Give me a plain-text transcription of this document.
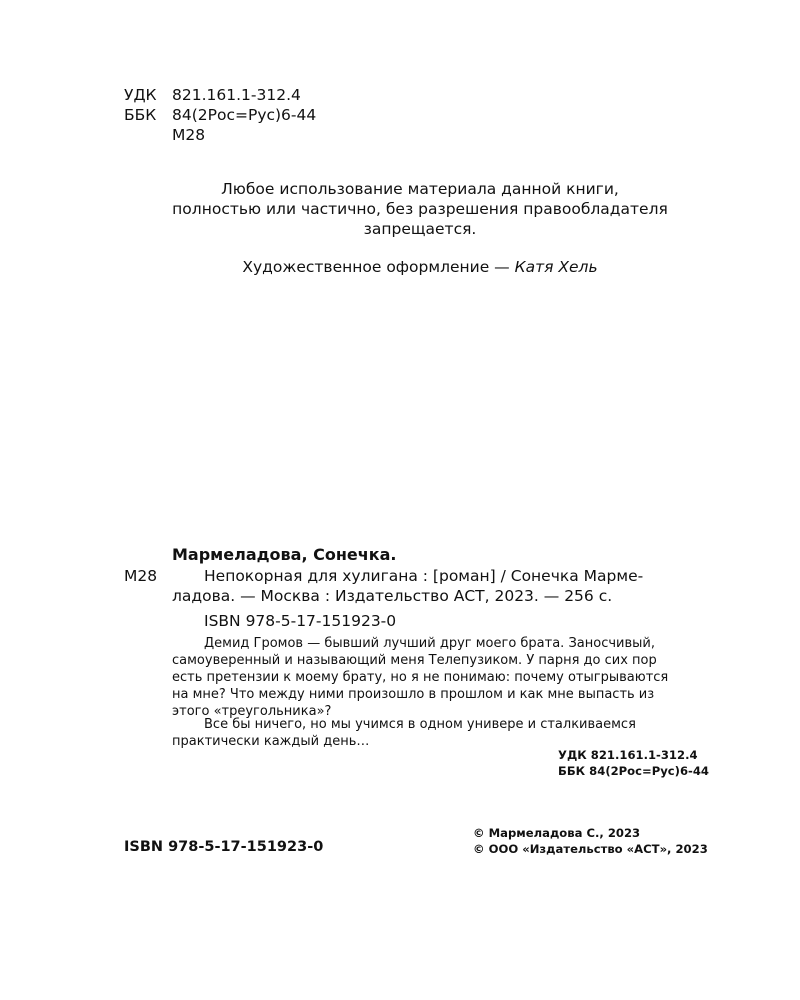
УДК 821.161.1-312.4
ББК 84(2Рос=Рус)6-44
М28
Любое использование материала данной книги,
полностью или частично, без разрешения правообладателя
запрещается.
Художественное оформление — Катя Хель
Мармеладова, Сонечка.
М28	Непокорная для хулигана : [роман] / Сонечка Марме-
ладова. — Москва : Издательство АСТ, 2023. — 256 с.
ISBN 978-5-17-151923-0
Демид Громов — бывший лучший друг моего брата. Заносчивый,
самоуверенный и называющий меня Телепузиком. У парня до сих пор
есть претензии к моему брату, но я не понимаю: почему отыгрываются
на мне? Что между ними произошло в прошлом и как мне выпасть из
этого «треугольника»?
Все бы ничего, но мы учимся в одном универе и сталкиваемся
практически каждый день…
УДК 821.161.1-312.4
ББК 84(2Рос=Рус)6-44
ISBN 978-5-17-151923-0
© Мармеладова С., 2023
© ООО «Издательство «АСТ», 2023
